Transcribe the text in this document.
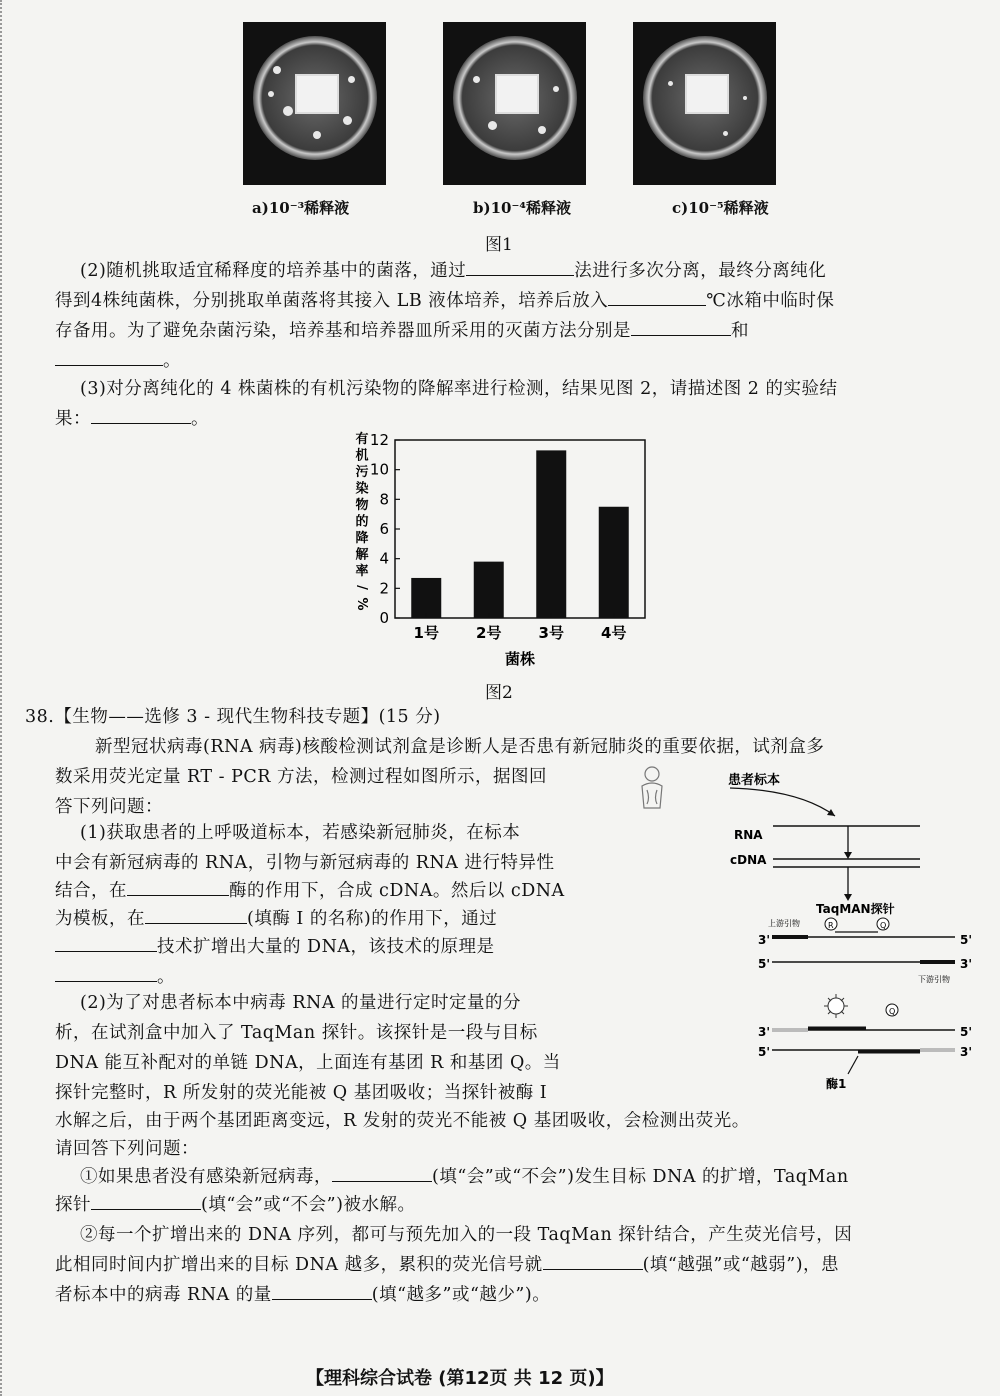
a)10⁻³稀释液	b)10⁻⁴稀释液	c)10⁻⁵稀释液
图1
(2)随机挑取适宜稀释度的培养基中的菌落，通过	法进行多次分离，最终分离纯化
得到4株纯菌株，分别挑取单菌落将其接入 LB 液体培养，培养后放入	℃冰箱中临时保
存备用。为了避免杂菌污染，培养基和培养器皿所采用的灭菌方法分别是	和
。
(3)对分离纯化的 4 株菌株的有机污染物的降解率进行检测，结果见图 2，请描述图 2 的实验结
果：	。
有
机
污
染
物
的
降
解
率
/
%
0
2
4
6
8
10
12
1号 2号 3号 4号
菌株
图2
38.【生物——选修 3 - 现代生物科技专题】(15 分)
新型冠状病毒(RNA 病毒)核酸检测试剂盒是诊断人是否患有新冠肺炎的重要依据，试剂盒多
数采用荧光定量 RT - PCR 方法，检测过程如图所示，据图回
答下列问题：
(1)获取患者的上呼吸道标本，若感染新冠肺炎，在标本
中会有新冠病毒的 RNA，引物与新冠病毒的 RNA 进行特异性
结合，在	酶的作用下，合成 cDNA。然后以 cDNA
为模板，在	(填酶 I 的名称)的作用下，通过
技术扩增出大量的 DNA，该技术的原理是
。
(2)为了对患者标本中病毒 RNA 的量进行定时定量的分
析，在试剂盒中加入了 TaqMan 探针。该探针是一段与目标
DNA 能互补配对的单链 DNA，上面连有基团 R 和基团 Q。当
探针完整时，R 所发射的荧光能被 Q 基团吸收；当探针被酶 I
水解之后，由于两个基团距离变远，R 发射的荧光不能被 Q 基团吸收，会检测出荧光。
请回答下列问题：
①如果患者没有感染新冠病毒，	(填“会”或“不会”)发生目标 DNA 的扩增，TaqMan
探针	(填“会”或“不会”)被水解。
②每一个扩增出来的 DNA 序列，都可与预先加入的一段 TaqMan 探针结合，产生荧光信号，因
此相同时间内扩增出来的目标 DNA 越多，累积的荧光信号就	(填“越强”或“越弱”)，患
者标本中的病毒 RNA 的量	(填“越多”或“越少”)。
患者标本
RNA
cDNA
TaqMAN探针
上游引物	R	Q
3'	5'
5'	3'
下游引物
Q
3'	5'
5'	3'
酶1
【理科综合试卷 (第12页 共 12 页)】
